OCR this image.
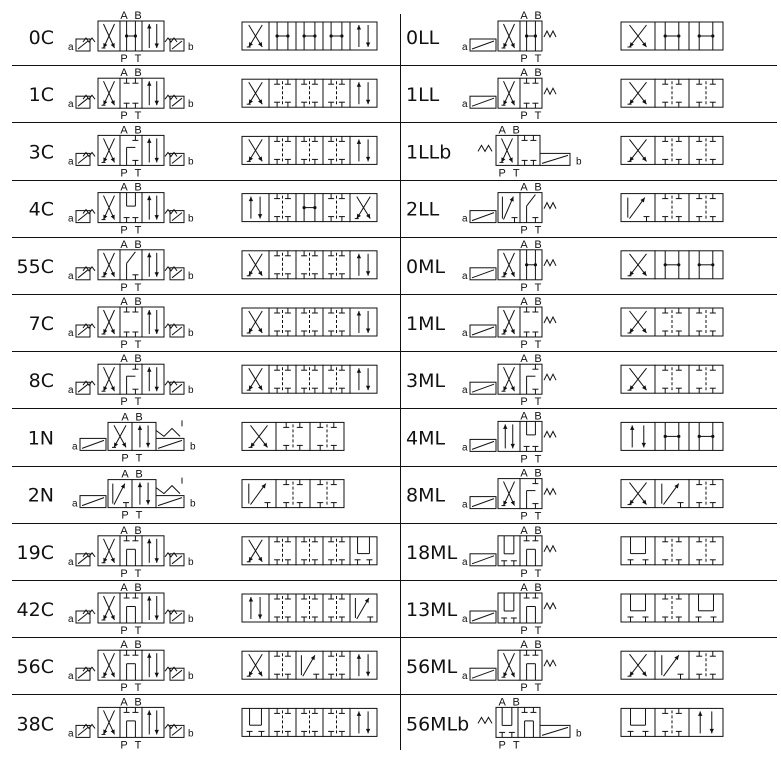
0C a	b
A B
P T
1C a	b
A B
P T
3C a	b
A B
P T
4C a	b
A B
P T
55C a	b
A B
P T
7C a	b
A B
P T
8C a	b
A B
P T
1N a	b
A B
P T
2N a	b
A B
P T
19C a	b
A B
P T
42C a	b
A B
P T
56C a	b
A B
P T
38C a	b
A B
P T
0LL a
A B
P T
1LL a
A B
P T
1LLb	b
A B
P T
2LL a
A B
P T
0ML a
A B
P T
1ML a
A B
P T
3ML a
A B
P T
4ML a
A B
P T
8ML a
A B
P T
18ML a
A B
P T
13ML a
A B
P T
56ML a
A B
P T
56MLb	b
A B
P T
